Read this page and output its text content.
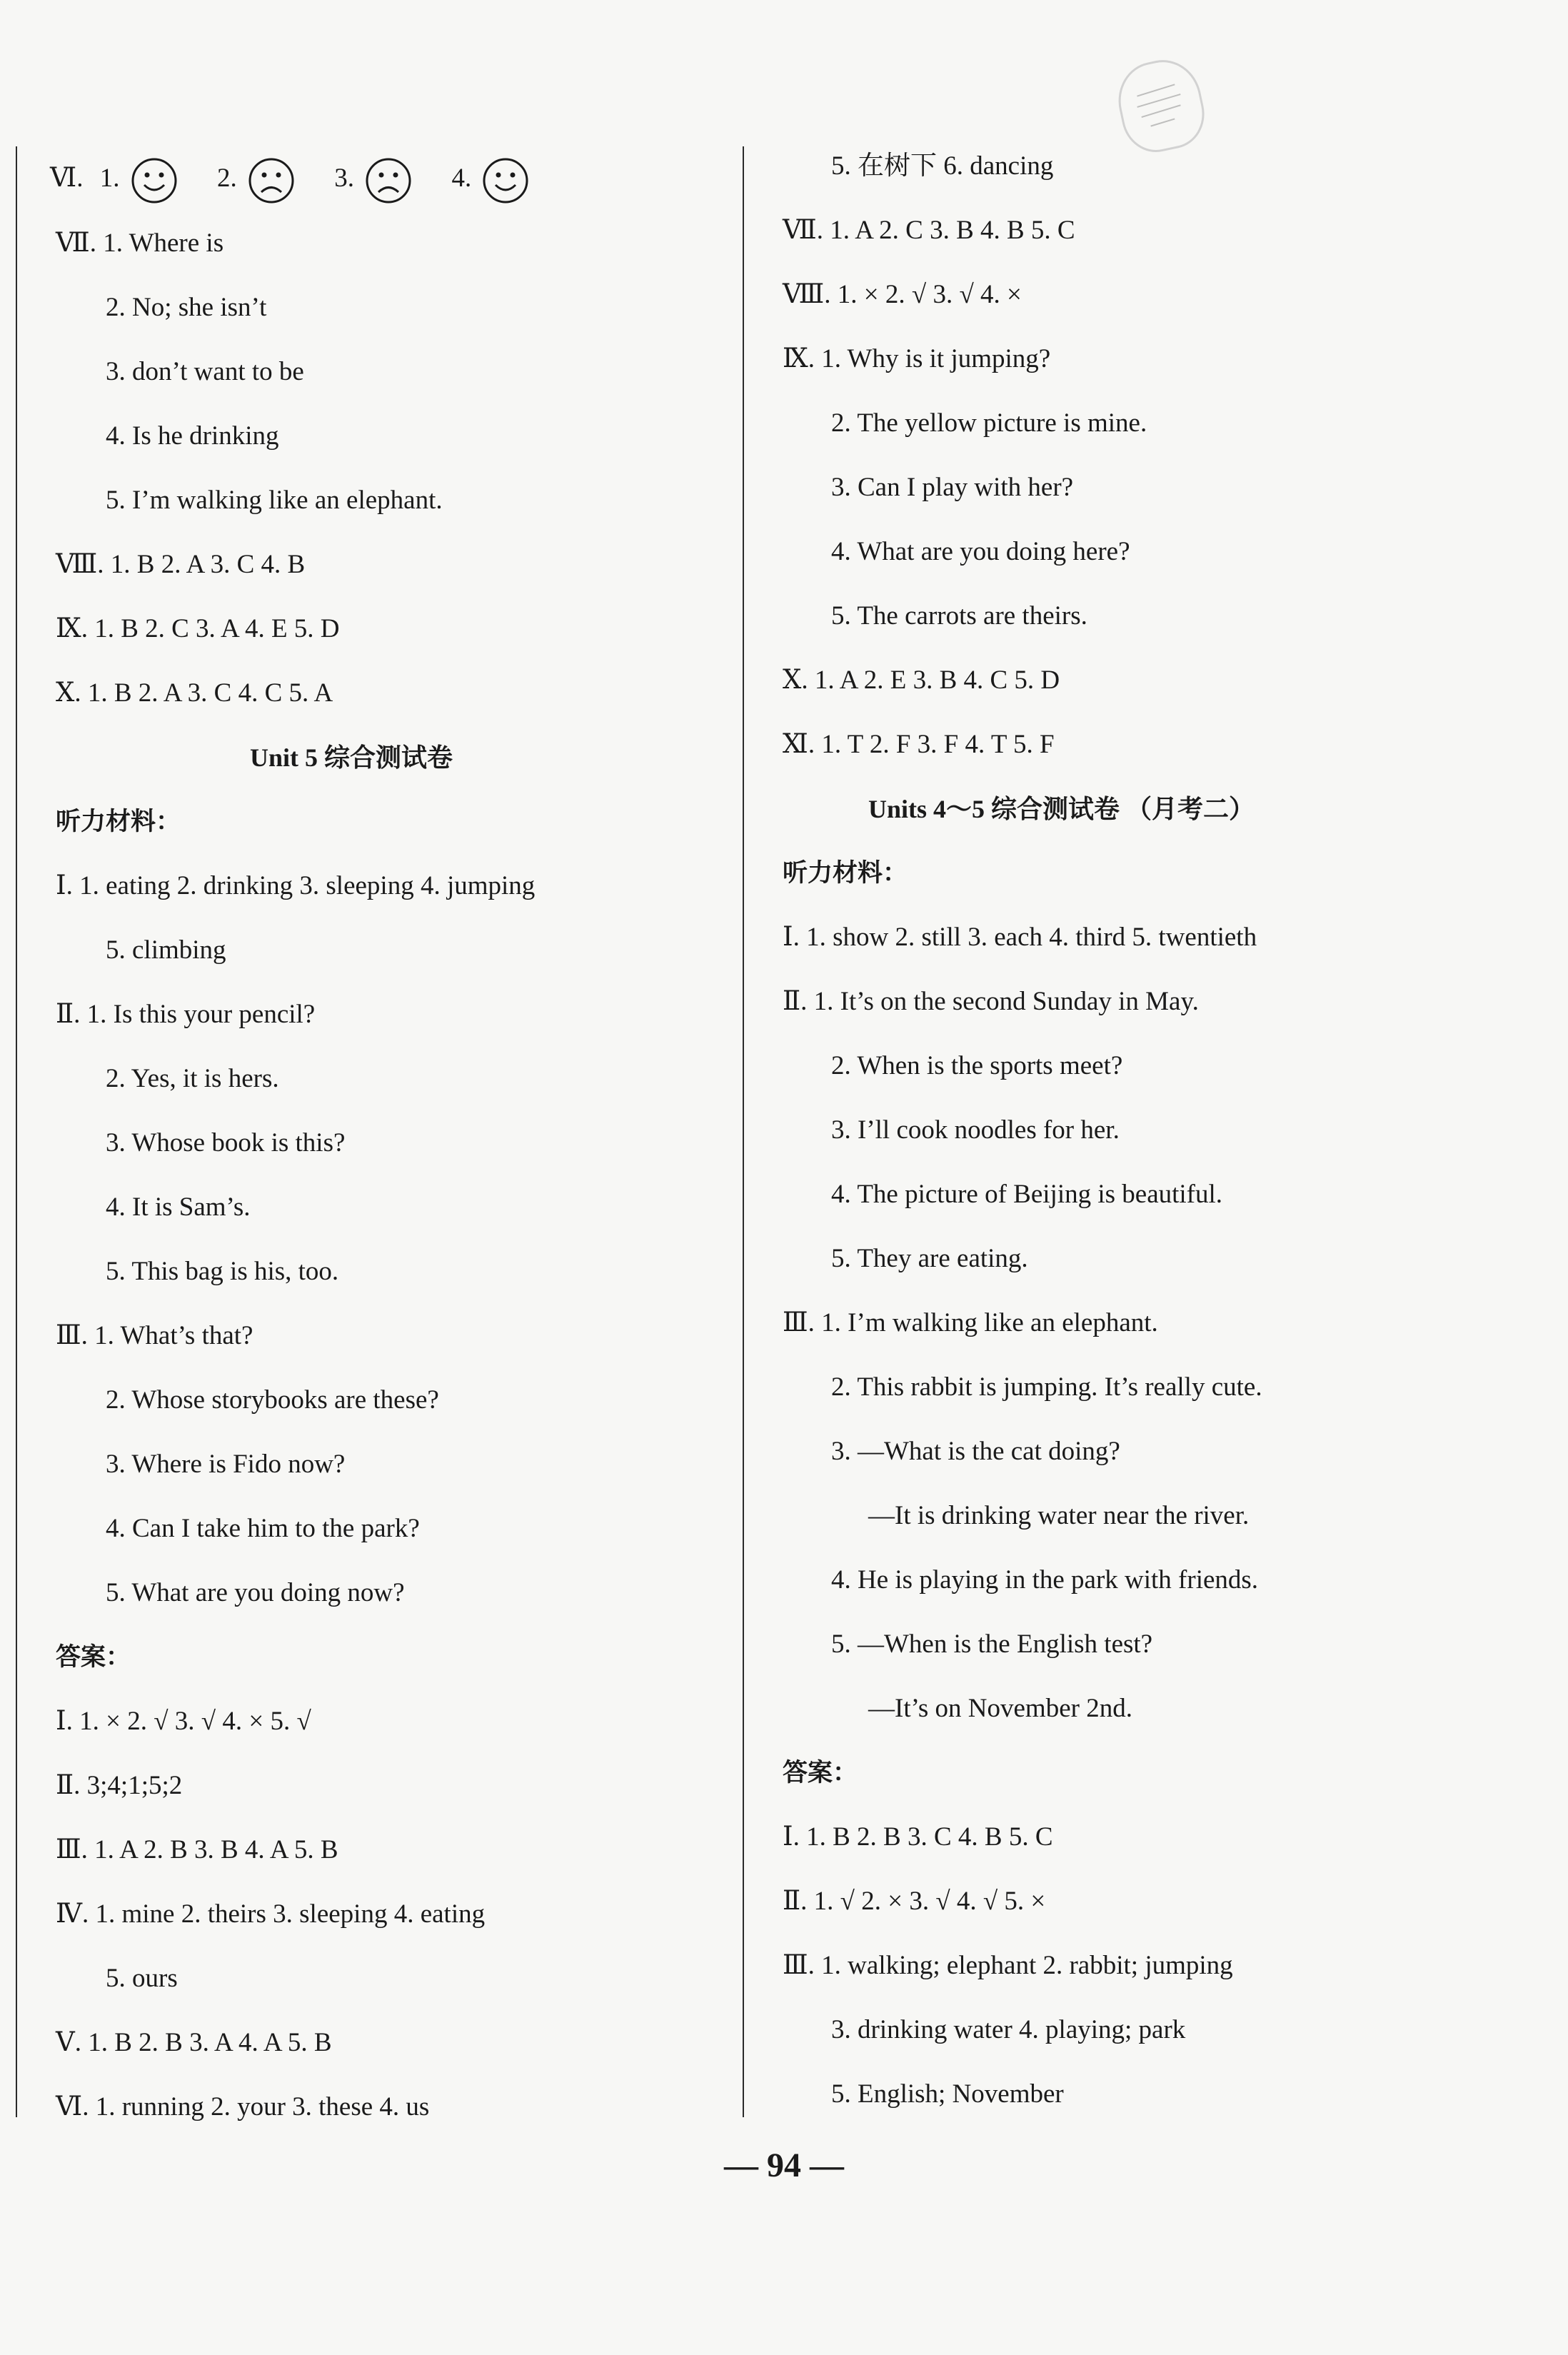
Ⅵ. 1.	2.	3.	4.
Ⅶ. 1. Where is
2. No; she isn’t
3. don’t want to be
4. Is he drinking
5. I’m walking like an elephant.
Ⅷ. 1. B 2. A 3. C 4. B
Ⅸ. 1. B 2. C 3. A 4. E 5. D
Ⅹ. 1. B 2. A 3. C 4. C 5. A
Unit 5 综合测试卷
听力材料：
Ⅰ. 1. eating 2. drinking 3. sleeping 4. jumping
5. climbing
Ⅱ. 1. Is this your pencil?
2. Yes, it is hers.
3. Whose book is this?
4. It is Sam’s.
5. This bag is his, too.
Ⅲ. 1. What’s that?
2. Whose storybooks are these?
3. Where is Fido now?
4. Can I take him to the park?
5. What are you doing now?
答案：
Ⅰ. 1. × 2. √ 3. √ 4. × 5. √
Ⅱ. 3;4;1;5;2
Ⅲ. 1. A 2. B 3. B 4. A 5. B
Ⅳ. 1. mine 2. theirs 3. sleeping 4. eating
5. ours
Ⅴ. 1. B 2. B 3. A 4. A 5. B
Ⅵ. 1. running 2. your 3. these 4. us
5. 在树下 6. dancing
Ⅶ. 1. A 2. C 3. B 4. B 5. C
Ⅷ. 1. × 2. √ 3. √ 4. ×
Ⅸ. 1. Why is it jumping?
2. The yellow picture is mine.
3. Can I play with her?
4. What are you doing here?
5. The carrots are theirs.
Ⅹ. 1. A 2. E 3. B 4. C 5. D
Ⅺ. 1. T 2. F 3. F 4. T 5. F
Units 4～5 综合测试卷 （月考二）
听力材料：
Ⅰ. 1. show 2. still 3. each 4. third 5. twentieth
Ⅱ. 1. It’s on the second Sunday in May.
2. When is the sports meet?
3. I’ll cook noodles for her.
4. The picture of Beijing is beautiful.
5. They are eating.
Ⅲ. 1. I’m walking like an elephant.
2. This rabbit is jumping. It’s really cute.
3. —What is the cat doing?
—It is drinking water near the river.
4. He is playing in the park with friends.
5. —When is the English test?
—It’s on November 2nd.
答案：
Ⅰ. 1. B 2. B 3. C 4. B 5. C
Ⅱ. 1. √ 2. × 3. √ 4. √ 5. ×
Ⅲ. 1. walking; elephant 2. rabbit; jumping
3. drinking water 4. playing; park
5. English; November
— 94 —
